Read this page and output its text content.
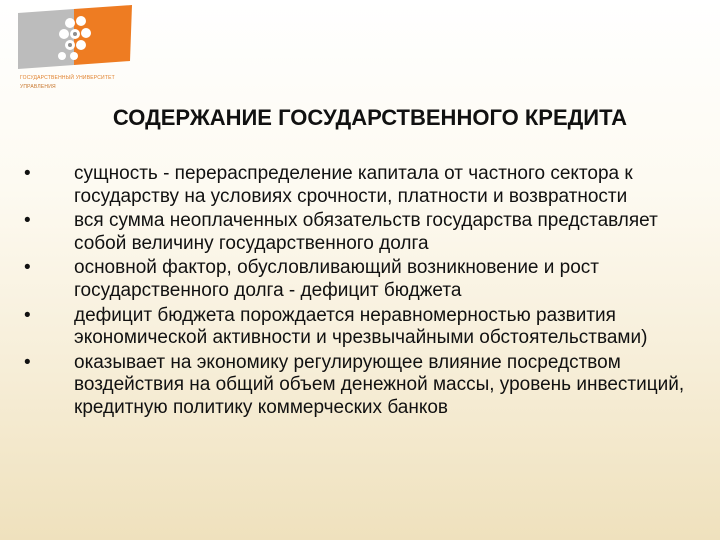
ГОСУДАРСТВЕННЫЙ УНИВЕРСИТЕТ
УПРАВЛЕНИЯ
СОДЕРЖАНИЕ ГОСУДАРСТВЕННОГО КРЕДИТА
• сущность - перераспределение капитала от частного сектора к государству на условиях срочности, платности и возвратности
• вся сумма неоплаченных обязательств государства представляет собой величину государственного долга
• основной фактор, обусловливающий возникновение и рост государственного долга - дефицит бюджета
• дефицит бюджета порождается неравномерностью развития экономической активности и чрезвычайными обстоятельствами)
• оказывает на экономику регулирующее влияние посредством воздействия на общий объем денежной массы, уровень инвестиций, кредитную политику коммерческих банков
